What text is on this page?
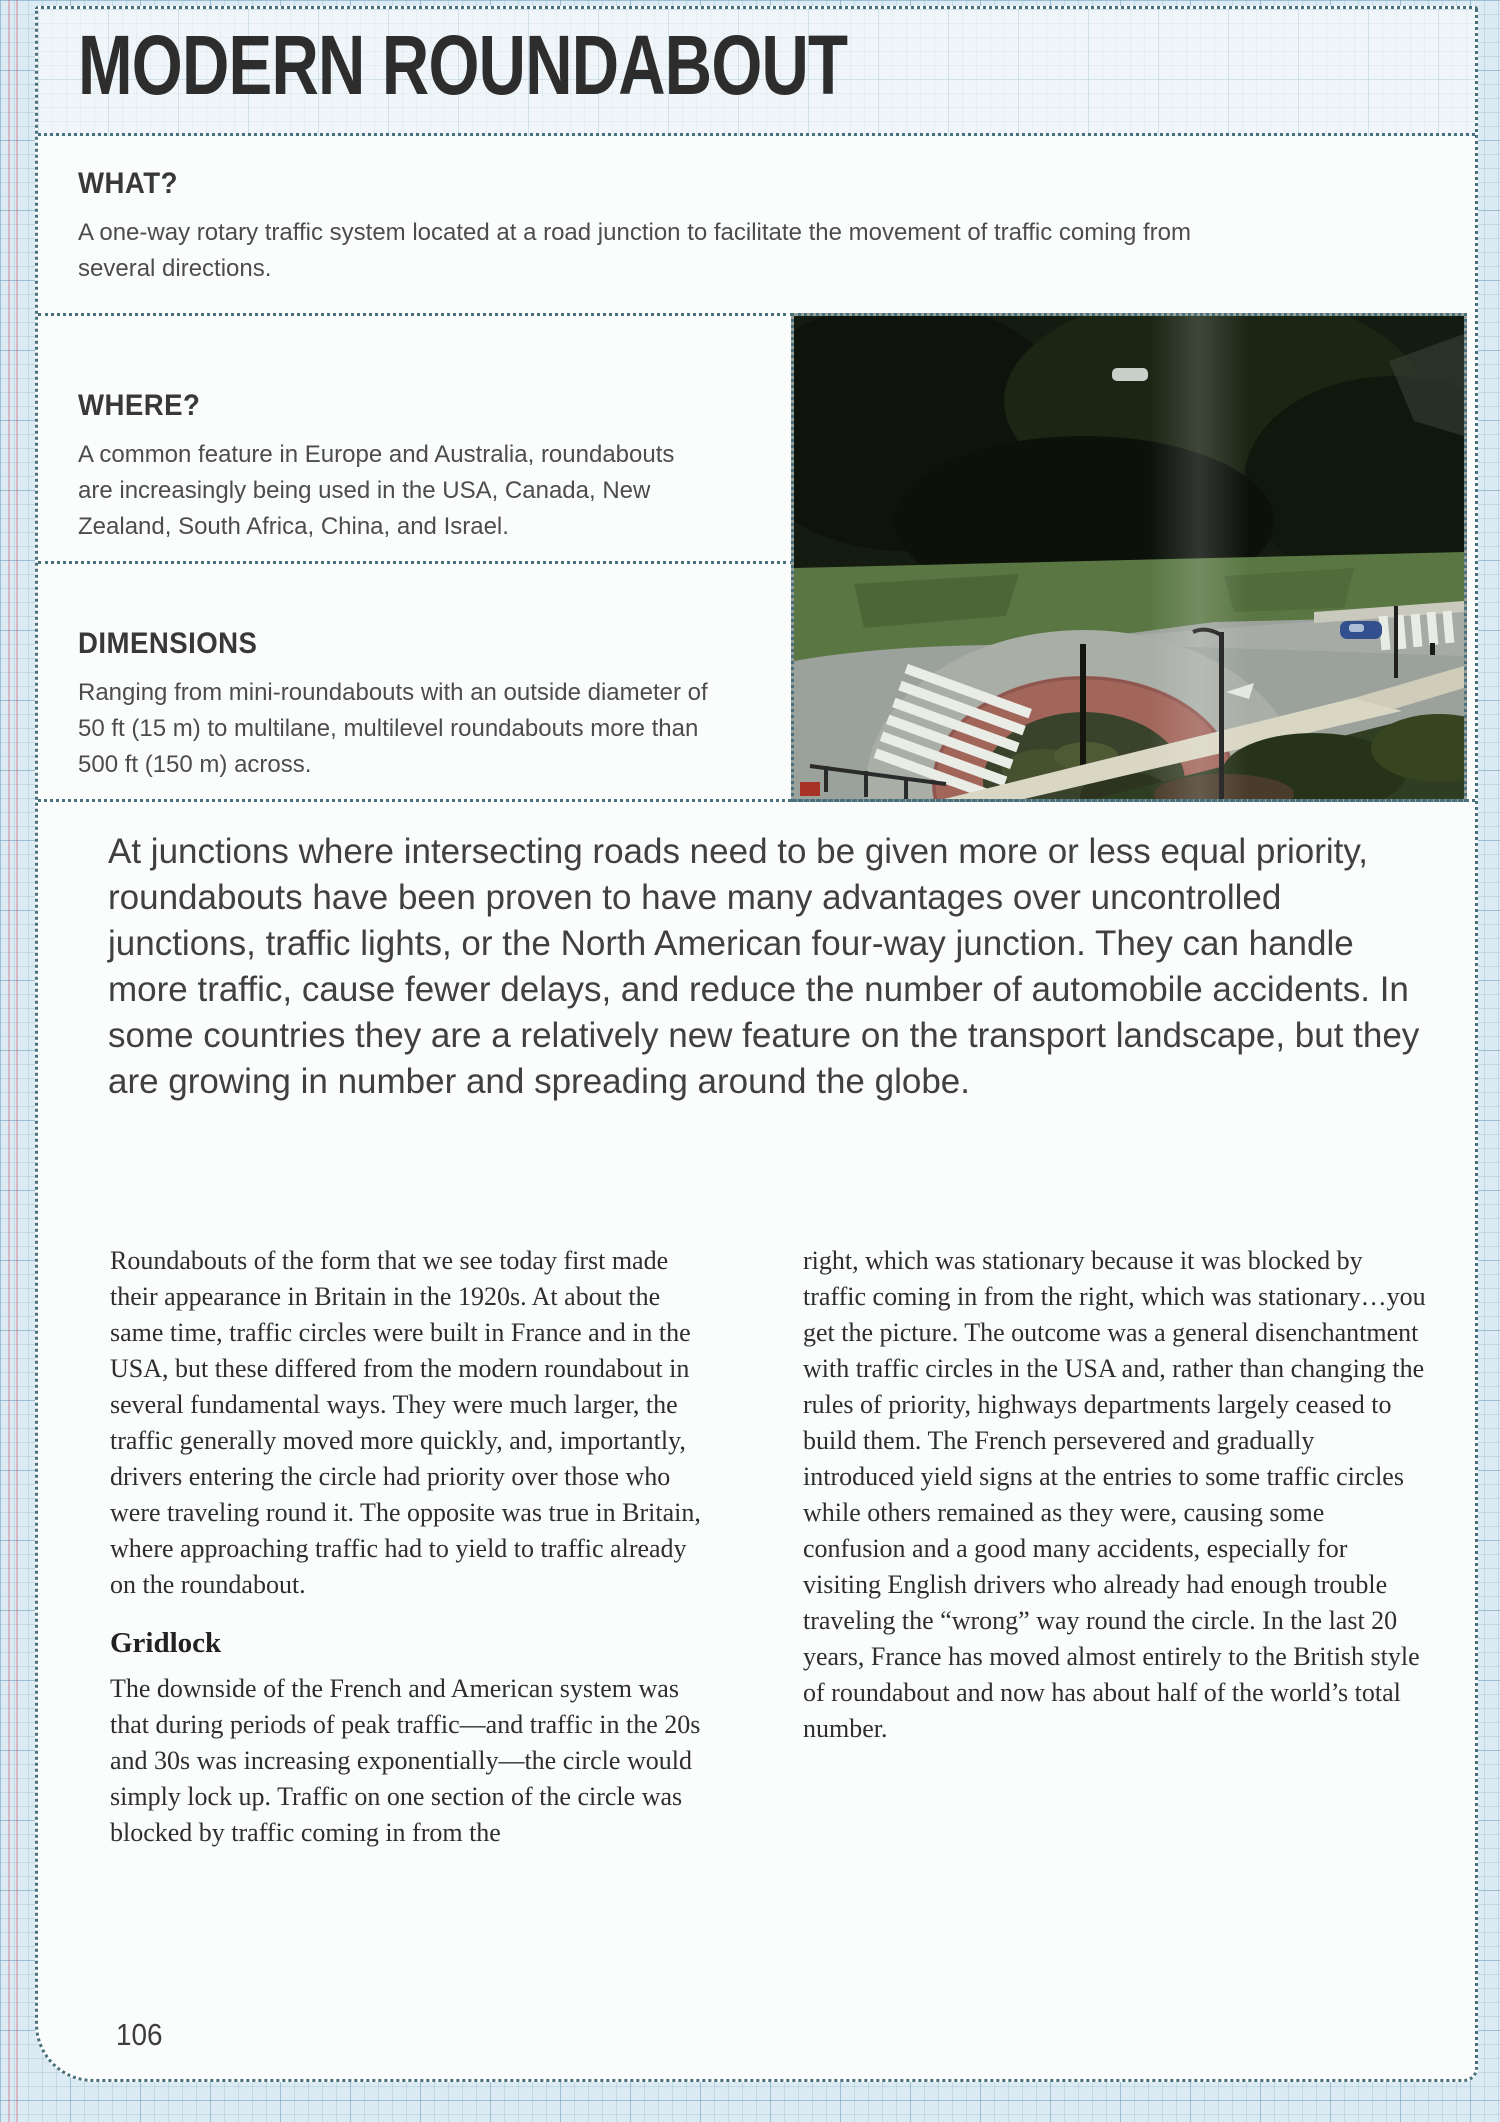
MODERN ROUNDABOUT
WHAT?
A one-way rotary traffic system located at a road junction to facilitate the movement of traffic coming from several directions.
WHERE?
A common feature in Europe and Australia, roundabouts are increasingly being used in the USA, Canada, New Zealand, South Africa, China, and Israel.
DIMENSIONS
Ranging from mini-roundabouts with an outside diameter of 50 ft (15 m) to multilane, multilevel roundabouts more than 500 ft (150 m) across.
At junctions where intersecting roads need to be given more or less equal priority, roundabouts have been proven to have many advantages over uncontrolled junctions, traffic lights, or the North American four-way junction. They can handle more traffic, cause fewer delays, and reduce the number of automobile accidents. In some countries they are a relatively new feature on the transport landscape, but they are growing in number and spreading around the globe.

Roundabouts of the form that we see today first made their appearance in Britain in the 1920s. At about the same time, traffic circles were built in France and in the USA, but these differed from the modern roundabout in several fundamental ways. They were much larger, the traffic generally moved more quickly, and, importantly, drivers entering the circle had priority over those who were traveling round it. The opposite was true in Britain, where approaching traffic had to yield to traffic already on the roundabout.

Gridlock

The downside of the French and American system was that during periods of peak traffic—and traffic in the 20s and 30s was increasing exponentially—the circle would simply lock up. Traffic on one section of the circle was blocked by traffic coming in from the

right, which was stationary because it was blocked by traffic coming in from the right, which was stationary…you get the picture. The outcome was a general disenchantment with traffic circles in the USA and, rather than changing the rules of priority, highways departments largely ceased to build them. The French persevered and gradually introduced yield signs at the entries to some traffic circles while others remained as they were, causing some confusion and a good many accidents, especially for visiting English drivers who already had enough trouble traveling the “wrong” way round the circle. In the last 20 years, France has moved almost entirely to the British style of roundabout and now has about half of the world’s total number.

106
